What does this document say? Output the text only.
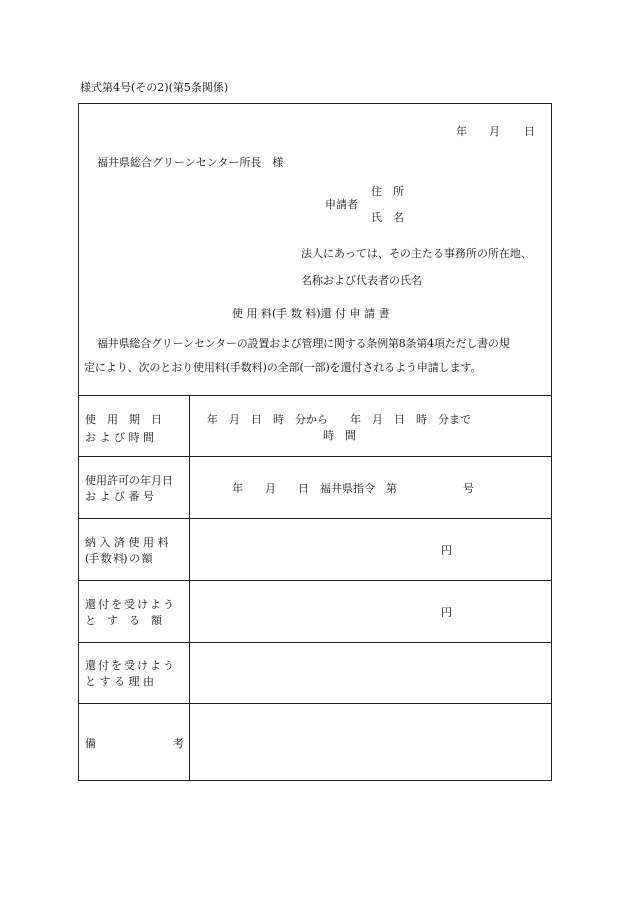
様式第4号(その2)(第5条関係)
年 月 日
福井県総合グリーンセンター所長　様
住　所
申請者
氏　名
法人にあっては、その主たる事務所の所在地、
名称および代表者の氏名
使 用 料(手 数 料)還 付 申 請 書
福井県総合グリーンセンターの設置および管理に関する条例第8条第4項ただし書の規
定により、次のとおり使用料(手数料)の全部(一部)を還付されるよう申請します。
使　用　期　日
お よ び 時 間
年　月　日　時　分から　　年　月　日　時　分まで
時　間
使用許可の年月日
お よ び 番 号
年　　月　　日　福井県指令　第　　　　　　号
納 入 済 使 用 料
(手 数 料) の 額
円
還付を受けよう
と　す　る　額
円
還付を受けよう
と す る 理 由
備	考
